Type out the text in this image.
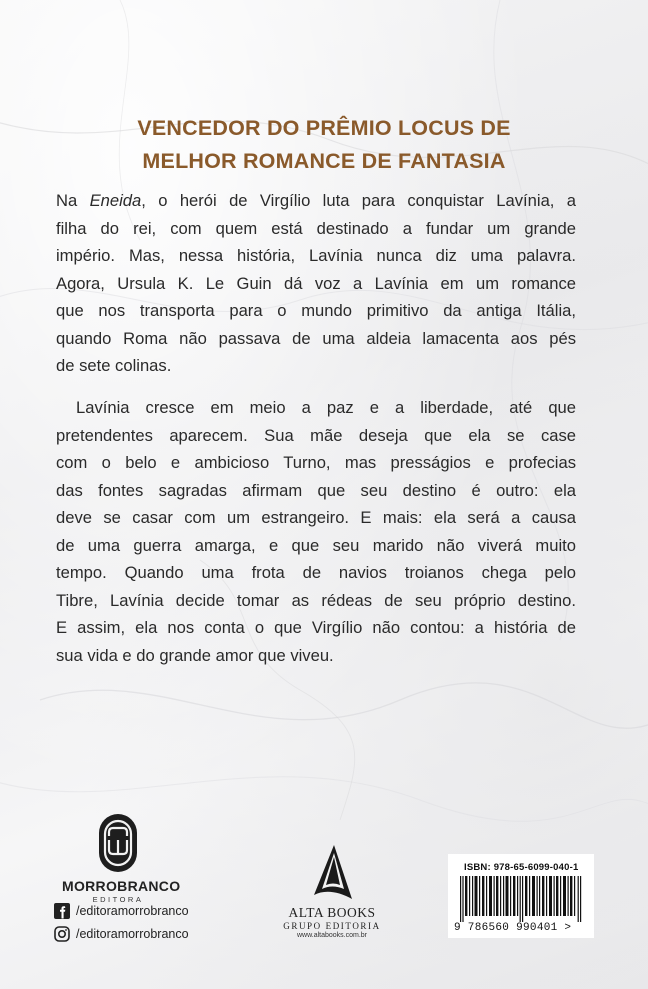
VENCEDOR DO PRÊMIO LOCUS DE
MELHOR ROMANCE DE FANTASIA
Na Eneida, o herói de Virgílio luta para conquistar Lavínia, a
filha do rei, com quem está destinado a fundar um grande
império. Mas, nessa história, Lavínia nunca diz uma palavra.
Agora, Ursula K. Le Guin dá voz a Lavínia em um romance
que nos transporta para o mundo primitivo da antiga Itália,
quando Roma não passava de uma aldeia lamacenta aos pés
de sete colinas.
Lavínia cresce em meio a paz e a liberdade, até que
pretendentes aparecem. Sua mãe deseja que ela se case
com o belo e ambicioso Turno, mas presságios e profecias
das fontes sagradas afirmam que seu destino é outro: ela
deve se casar com um estrangeiro. E mais: ela será a causa
de uma guerra amarga, e que seu marido não viverá muito
tempo. Quando uma frota de navios troianos chega pelo
Tibre, Lavínia decide tomar as rédeas de seu próprio destino.
E assim, ela nos conta o que Virgílio não contou: a história de
sua vida e do grande amor que viveu.
MORROBRANCO
EDITORA
/editoramorrobranco
/editoramorrobranco
ALTA BOOKS
GRUPO EDITORIA
www.altabooks.com.br
ISBN: 978-65-6099-040-1
9 786560 990401 >
